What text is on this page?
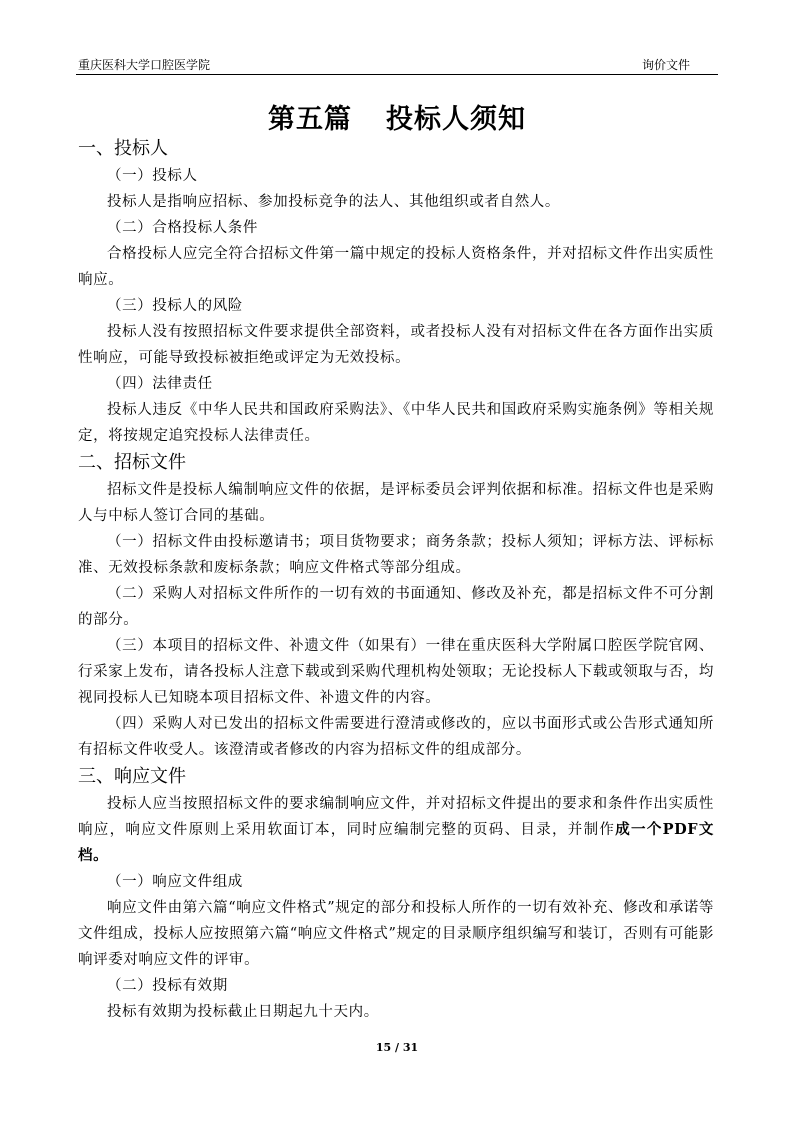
重庆医科大学口腔医学院	询价文件
第五篇 投标人须知
一、投标人

（一）投标人

投标人是指响应招标、参加投标竞争的法人、其他组织或者自然人。

（二）合格投标人条件

合格投标人应完全符合招标文件第一篇中规定的投标人资格条件，并对招标文件作出实质性响应。

（三）投标人的风险

投标人没有按照招标文件要求提供全部资料，或者投标人没有对招标文件在各方面作出实质性响应，可能导致投标被拒绝或评定为无效投标。

（四）法律责任

投标人违反《中华人民共和国政府采购法》、《中华人民共和国政府采购实施条例》等相关规定，将按规定追究投标人法律责任。

二、招标文件

招标文件是投标人编制响应文件的依据，是评标委员会评判依据和标准。招标文件也是采购人与中标人签订合同的基础。

（一）招标文件由投标邀请书；项目货物要求；商务条款；投标人须知；评标方法、评标标准、无效投标条款和废标条款；响应文件格式等部分组成。

（二）采购人对招标文件所作的一切有效的书面通知、修改及补充，都是招标文件不可分割的部分。

（三）本项目的招标文件、补遗文件（如果有）一律在重庆医科大学附属口腔医学院官网、行采家上发布，请各投标人注意下载或到采购代理机构处领取；无论投标人下载或领取与否，均视同投标人已知晓本项目招标文件、补遗文件的内容。

（四）采购人对已发出的招标文件需要进行澄清或修改的，应以书面形式或公告形式通知所有招标文件收受人。该澄清或者修改的内容为招标文件的组成部分。

三、响应文件

投标人应当按照招标文件的要求编制响应文件，并对招标文件提出的要求和条件作出实质性响应，响应文件原则上采用软面订本，同时应编制完整的页码、目录，并制作成一个PDF文档。

（一）响应文件组成

响应文件由第六篇“响应文件格式”规定的部分和投标人所作的一切有效补充、修改和承诺等文件组成，投标人应按照第六篇“响应文件格式”规定的目录顺序组织编写和装订，否则有可能影响评委对响应文件的评审。

（二）投标有效期

投标有效期为投标截止日期起九十天内。

15 / 31
